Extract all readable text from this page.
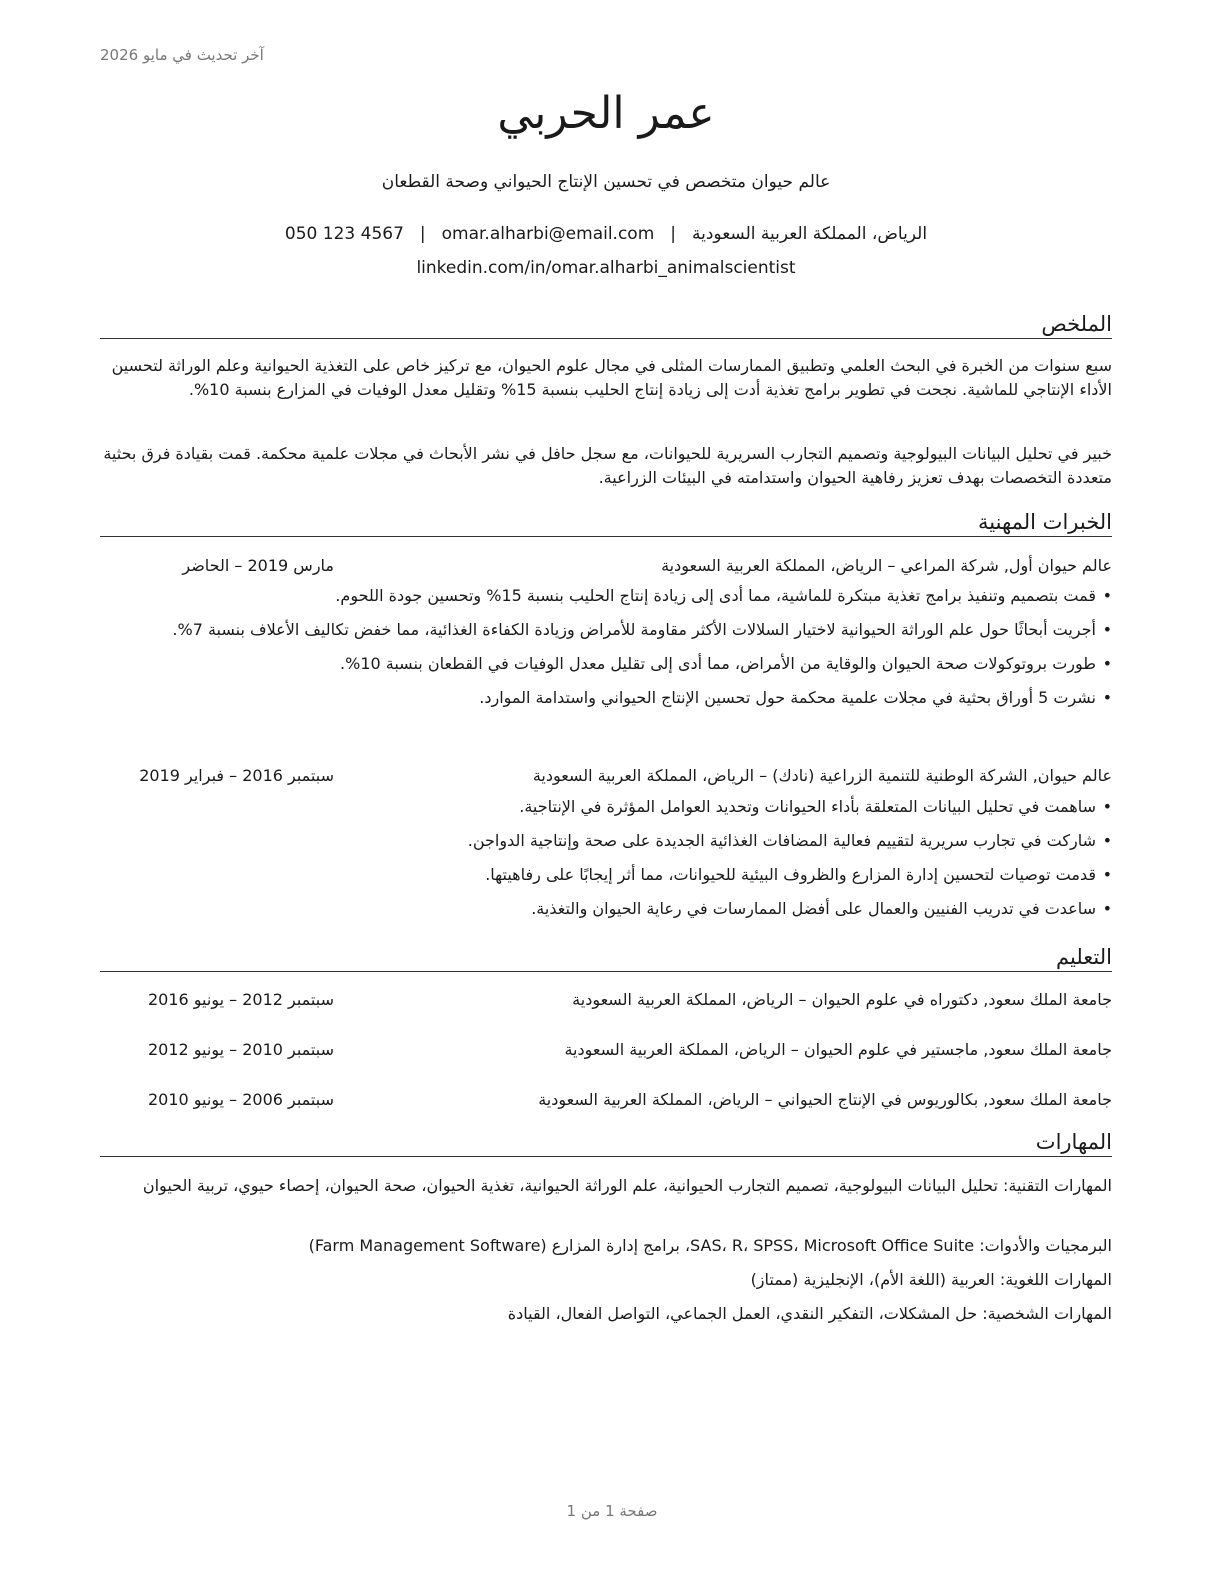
آخر تحديث في مايو 2026
عمر الحربي
عالم حيوان متخصص في تحسين الإنتاج الحيواني وصحة القطعان
الرياض، المملكة العربية السعودية|omar.alharbi@email.com|050 123 4567
linkedin.com/in/omar.alharbi_animalscientist
الملخص
سبع سنوات من الخبرة في البحث العلمي وتطبيق الممارسات المثلى في مجال علوم الحيوان، مع تركيز خاص على التغذية الحيوانية وعلم الوراثة لتحسين الأداء الإنتاجي للماشية. نجحت في تطوير برامج تغذية أدت إلى زيادة إنتاج الحليب بنسبة 15% وتقليل معدل الوفيات في المزارع بنسبة 10%.
خبير في تحليل البيانات البيولوجية وتصميم التجارب السريرية للحيوانات، مع سجل حافل في نشر الأبحاث في مجلات علمية محكمة. قمت بقيادة فرق بحثية متعددة التخصصات بهدف تعزيز رفاهية الحيوان واستدامته في البيئات الزراعية.
الخبرات المهنية
عالم حيوان أول, شركة المراعي – الرياض، المملكة العربية السعودية
مارس 2019 – الحاضر
• قمت بتصميم وتنفيذ برامج تغذية مبتكرة للماشية، مما أدى إلى زيادة إنتاج الحليب بنسبة 15% وتحسين جودة اللحوم.
• أجريت أبحاثًا حول علم الوراثة الحيوانية لاختيار السلالات الأكثر مقاومة للأمراض وزيادة الكفاءة الغذائية، مما خفض تكاليف الأعلاف بنسبة 7%.
• طورت بروتوكولات صحة الحيوان والوقاية من الأمراض، مما أدى إلى تقليل معدل الوفيات في القطعان بنسبة 10%.
• نشرت 5 أوراق بحثية في مجلات علمية محكمة حول تحسين الإنتاج الحيواني واستدامة الموارد.
عالم حيوان, الشركة الوطنية للتنمية الزراعية (نادك) – الرياض، المملكة العربية السعودية
سبتمبر 2016 – فبراير 2019
• ساهمت في تحليل البيانات المتعلقة بأداء الحيوانات وتحديد العوامل المؤثرة في الإنتاجية.
• شاركت في تجارب سريرية لتقييم فعالية المضافات الغذائية الجديدة على صحة وإنتاجية الدواجن.
• قدمت توصيات لتحسين إدارة المزارع والظروف البيئية للحيوانات، مما أثر إيجابًا على رفاهيتها.
• ساعدت في تدريب الفنيين والعمال على أفضل الممارسات في رعاية الحيوان والتغذية.
التعليم
جامعة الملك سعود, دكتوراه في علوم الحيوان – الرياض، المملكة العربية السعودية
سبتمبر 2012 – يونيو 2016
جامعة الملك سعود, ماجستير في علوم الحيوان – الرياض، المملكة العربية السعودية
سبتمبر 2010 – يونيو 2012
جامعة الملك سعود, بكالوريوس في الإنتاج الحيواني – الرياض، المملكة العربية السعودية
سبتمبر 2006 – يونيو 2010
المهارات
المهارات التقنية: تحليل البيانات البيولوجية، تصميم التجارب الحيوانية، علم الوراثة الحيوانية، تغذية الحيوان، صحة الحيوان، إحصاء حيوي، تربية الحيوان
البرمجيات والأدوات: SAS، R، SPSS، Microsoft Office Suite، برامج إدارة المزارع (Farm Management Software)
المهارات اللغوية: العربية (اللغة الأم)، الإنجليزية (ممتاز)
المهارات الشخصية: حل المشكلات، التفكير النقدي، العمل الجماعي، التواصل الفعال، القيادة
صفحة 1 من 1
